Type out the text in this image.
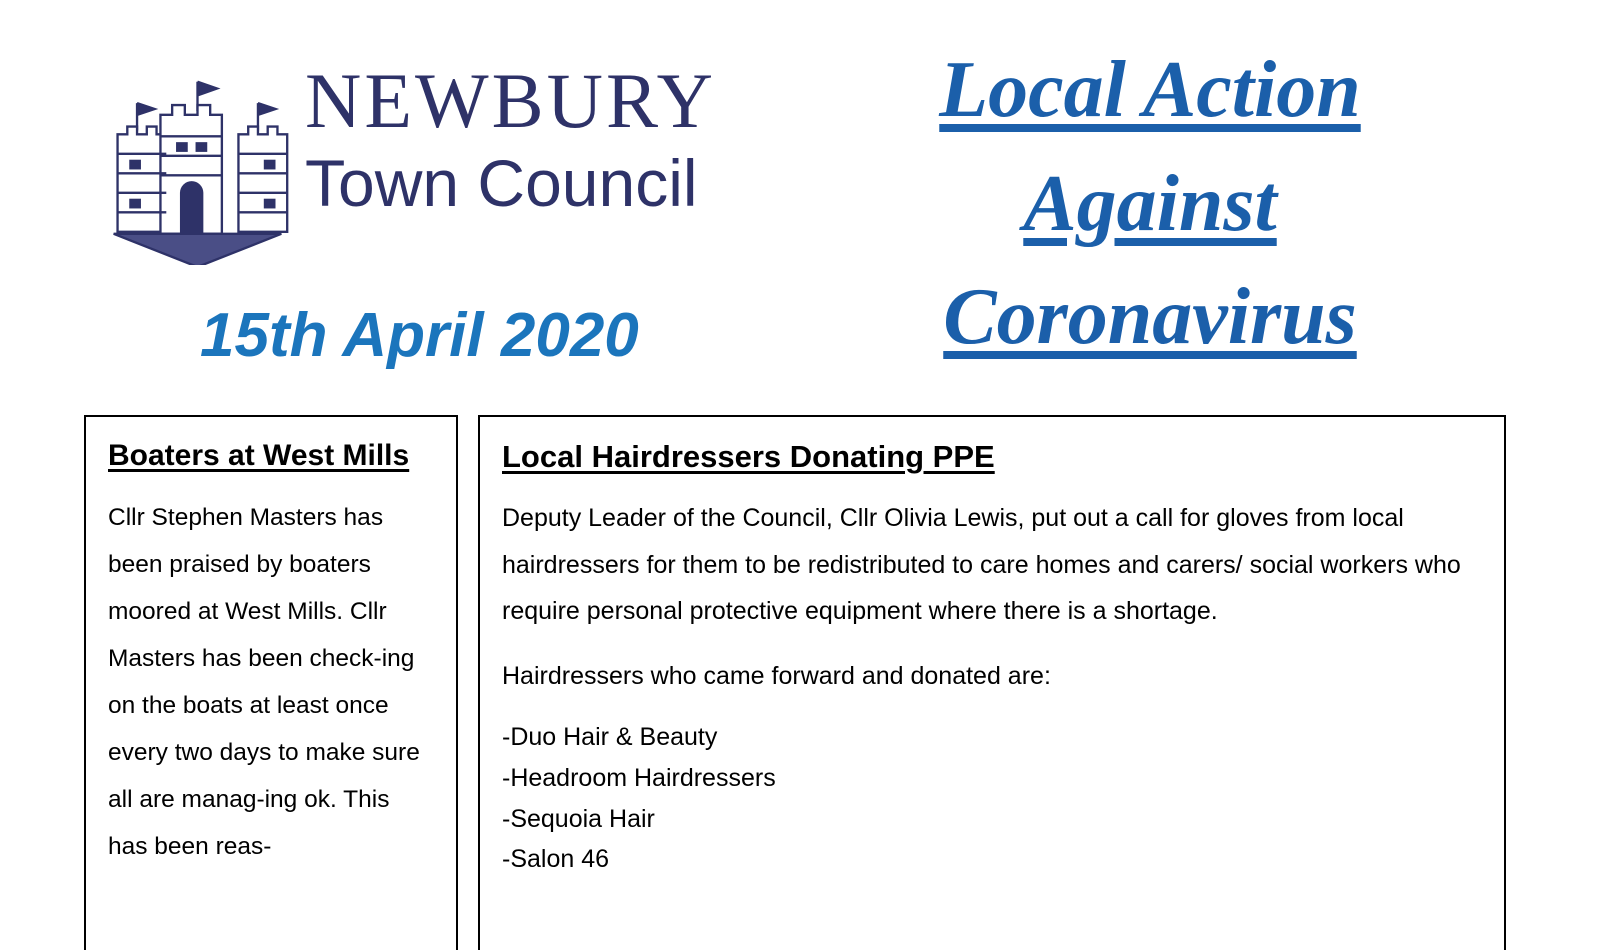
NEWBURY
Town Council
15th April 2020
Local Action
Against
Coronavirus
Boaters at West Mills

Cllr Stephen Masters has been praised by boaters moored at West Mills. Cllr Masters has been check-ing on the boats at least once every two days to make sure all are manag-ing ok. This has been reas-

Local Hairdressers Donating PPE

Deputy Leader of the Council, Cllr Olivia Lewis, put out a call for gloves from local hairdressers for them to be redistributed to care homes and carers/ social workers who require personal protective equipment where there is a shortage.

Hairdressers who came forward and donated are:

-Duo Hair & Beauty
-Headroom Hairdressers
-Sequoia Hair
-Salon 46
